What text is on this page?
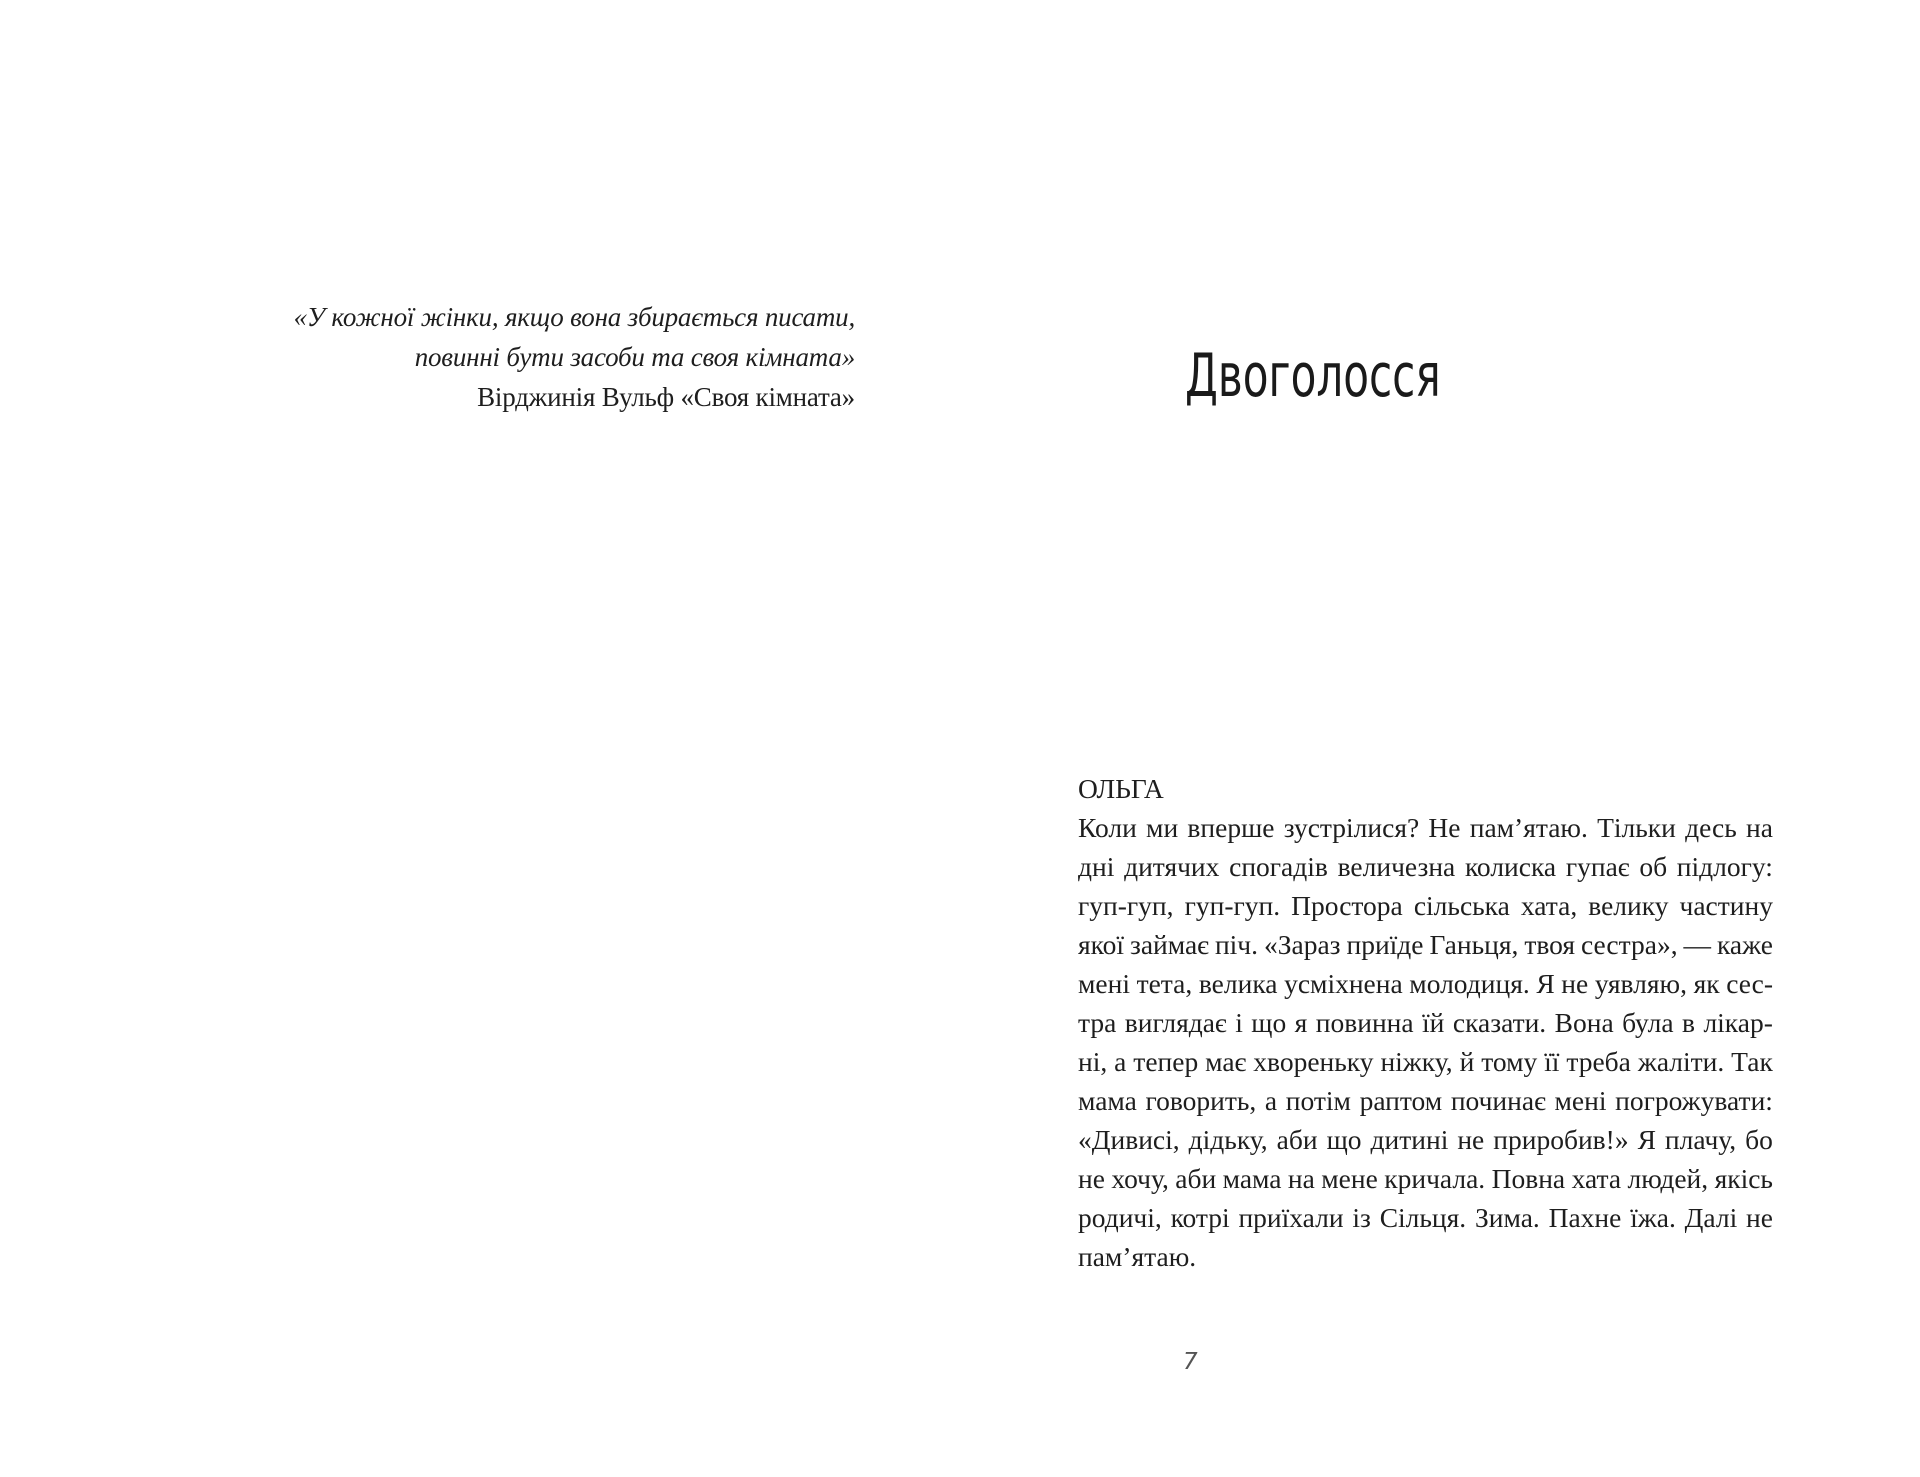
«У кожної жінки, якщо вона збирається писати,
повинні бути засоби та своя кімната»
Вірджинія Вульф «Своя кімната»	Двоголосся
ОЛЬГА
Коли ми вперше зустрілися? Не пам’ятаю. Тільки десь на
дні дитячих спогадів величезна колиска гупає об підлогу:
гуп-гуп, гуп-гуп. Простора сільська хата, велику частину
якої займає піч. «Зараз приїде Ганьця, твоя сестра», — каже
мені тета, велика усміхнена молодиця. Я не уявляю, як сес-
тра виглядає і що я повинна їй сказати. Вона була в лікар-
ні, а тепер має хвореньку ніжку, й тому її треба жаліти. Так
мама говорить, а потім раптом починає мені погрожувати:
«Дивисі, дідьку, аби що дитині не приробив!» Я плачу, бо
не хочу, аби мама на мене кричала. Повна хата людей, якісь
родичі, котрі приїхали із Сільця. Зима. Пахне їжа. Далі не
пам’ятаю.
7
